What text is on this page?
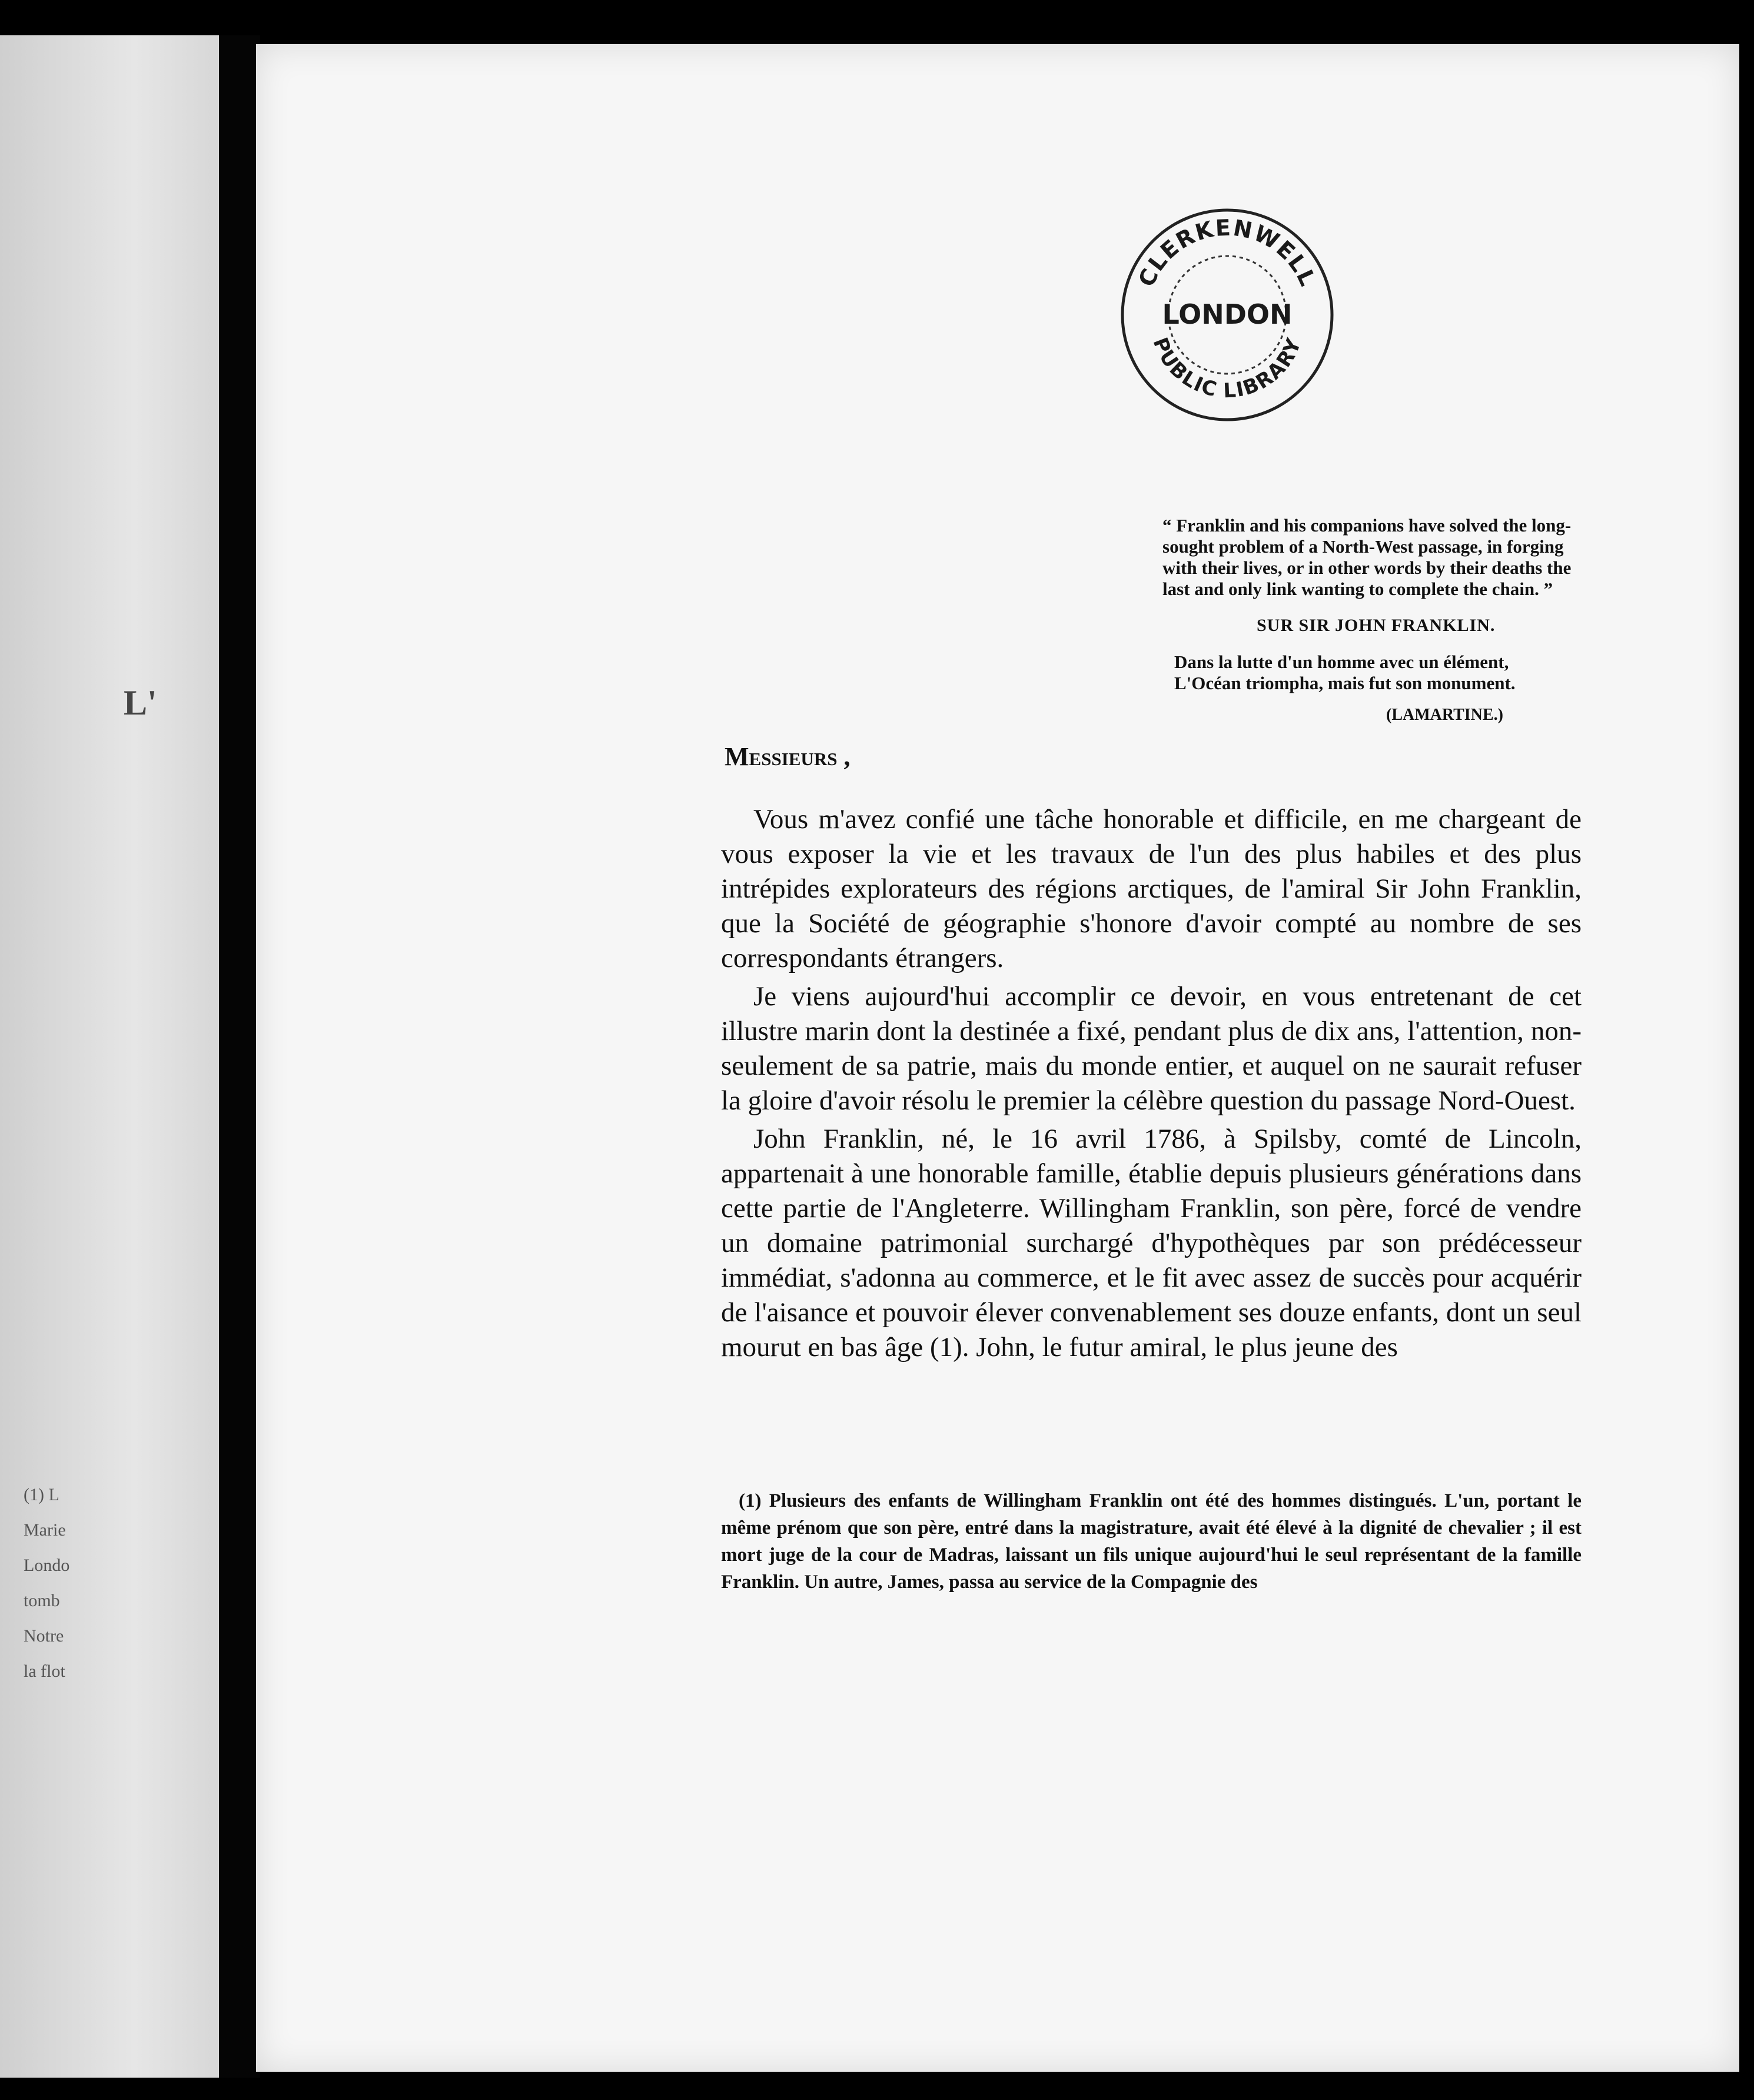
L'
(1) L
Marie
Londo
tomb
Notre
la flot
CLERKENWELL
LONDON
PUBLIC LIBRARY
“ Franklin and his companions have solved the long-
sought problem of a North-West passage, in forging
with their lives, or in other words by their deaths the
last and only link wanting to complete the chain. ”
SUR SIR JOHN FRANKLIN.
Dans la lutte d'un homme avec un élément,
L'Océan triompha, mais fut son monument.
(LAMARTINE.)
Messieurs ,

Vous m'avez confié une tâche honorable et difficile, en me chargeant de vous exposer la vie et les travaux de l'un des plus habiles et des plus intrépides explorateurs des régions arctiques, de l'amiral Sir John Franklin, que la Société de géographie s'honore d'avoir compté au nombre de ses correspondants étrangers.

Je viens aujourd'hui accomplir ce devoir, en vous entretenant de cet illustre marin dont la destinée a fixé, pendant plus de dix ans, l'attention, non-seulement de sa patrie, mais du monde entier, et auquel on ne saurait refuser la gloire d'avoir résolu le premier la célèbre question du passage Nord-Ouest.

John Franklin, né, le 16 avril 1786, à Spilsby, comté de Lincoln, appartenait à une honorable famille, établie depuis plusieurs générations dans cette partie de l'Angleterre. Willingham Franklin, son père, forcé de vendre un domaine patrimonial surchargé d'hypothèques par son prédécesseur immédiat, s'adonna au commerce, et le fit avec assez de succès pour acquérir de l'aisance et pouvoir élever convenablement ses douze enfants, dont un seul mourut en bas âge (1). John, le futur amiral, le plus jeune des

(1) Plusieurs des enfants de Willingham Franklin ont été des hommes distingués. L'un, portant le même prénom que son père, entré dans la magistrature, avait été élevé à la dignité de chevalier ; il est mort juge de la cour de Madras, laissant un fils unique aujourd'hui le seul représentant de la famille Franklin. Un autre, James, passa au service de la Compagnie des
